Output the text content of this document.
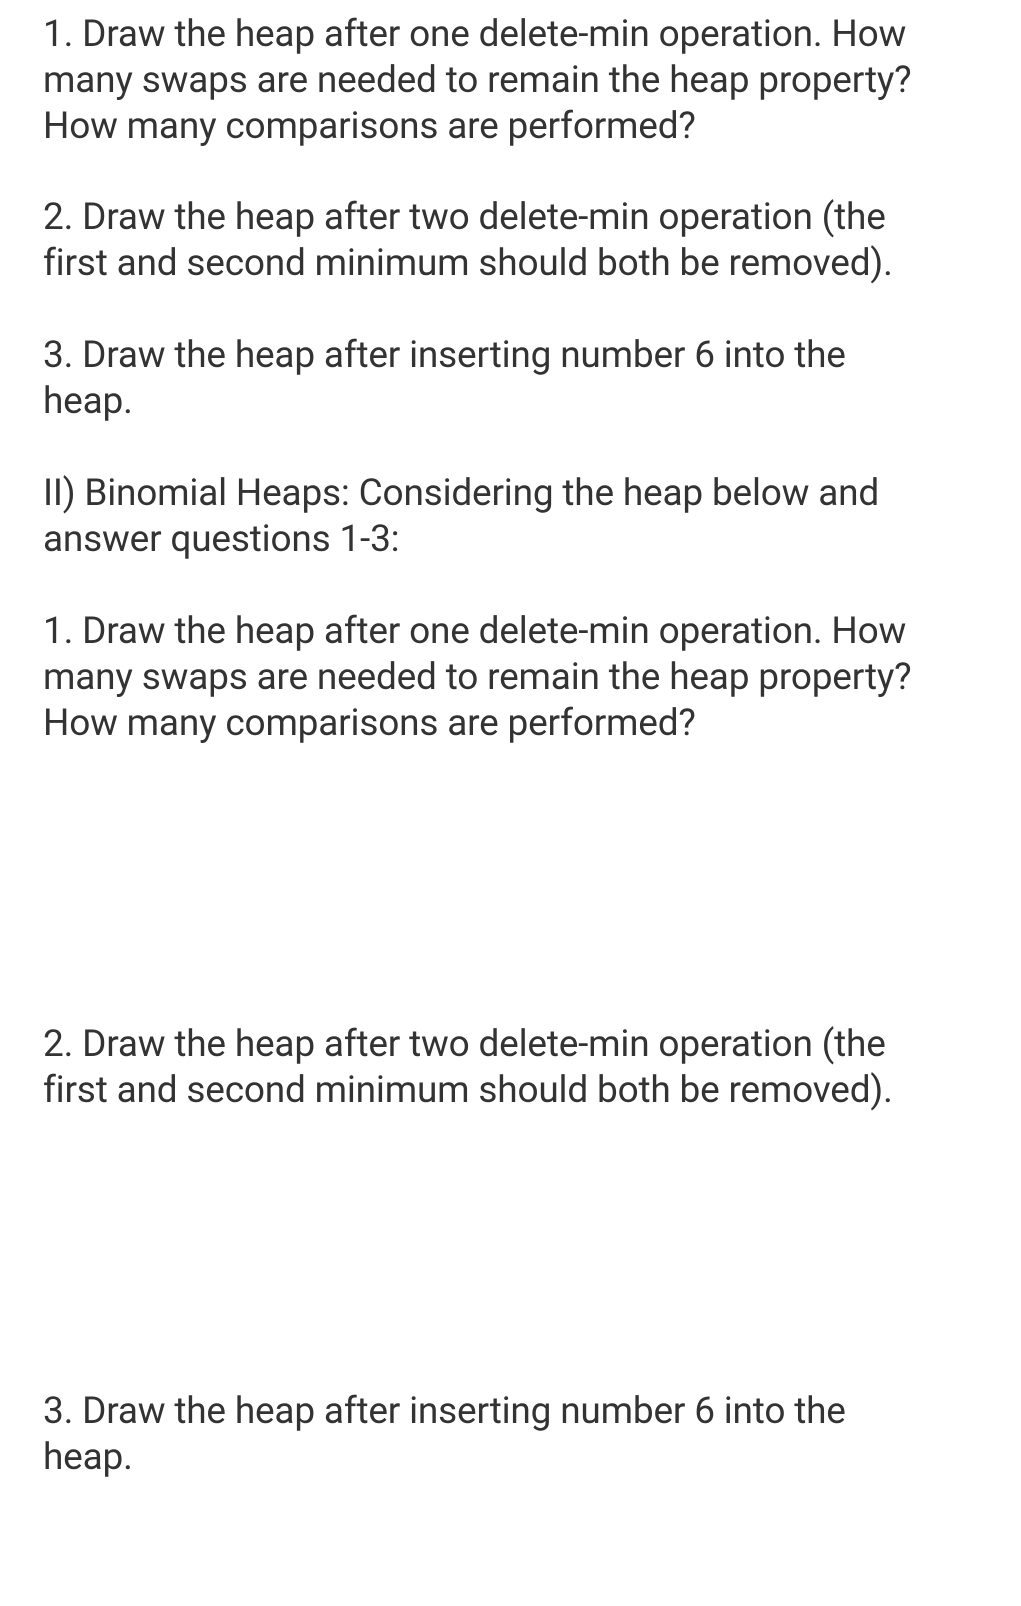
1. Draw the heap after one delete-min operation. How
many swaps are needed to remain the heap property?
How many comparisons are performed?

2. Draw the heap after two delete-min operation (the
first and second minimum should both be removed).

3. Draw the heap after inserting number 6 into the
heap.

II) Binomial Heaps: Considering the heap below and
answer questions 1-3:

1. Draw the heap after one delete-min operation. How
many swaps are needed to remain the heap property?
How many comparisons are performed?

2. Draw the heap after two delete-min operation (the
first and second minimum should both be removed).

3. Draw the heap after inserting number 6 into the
heap.
